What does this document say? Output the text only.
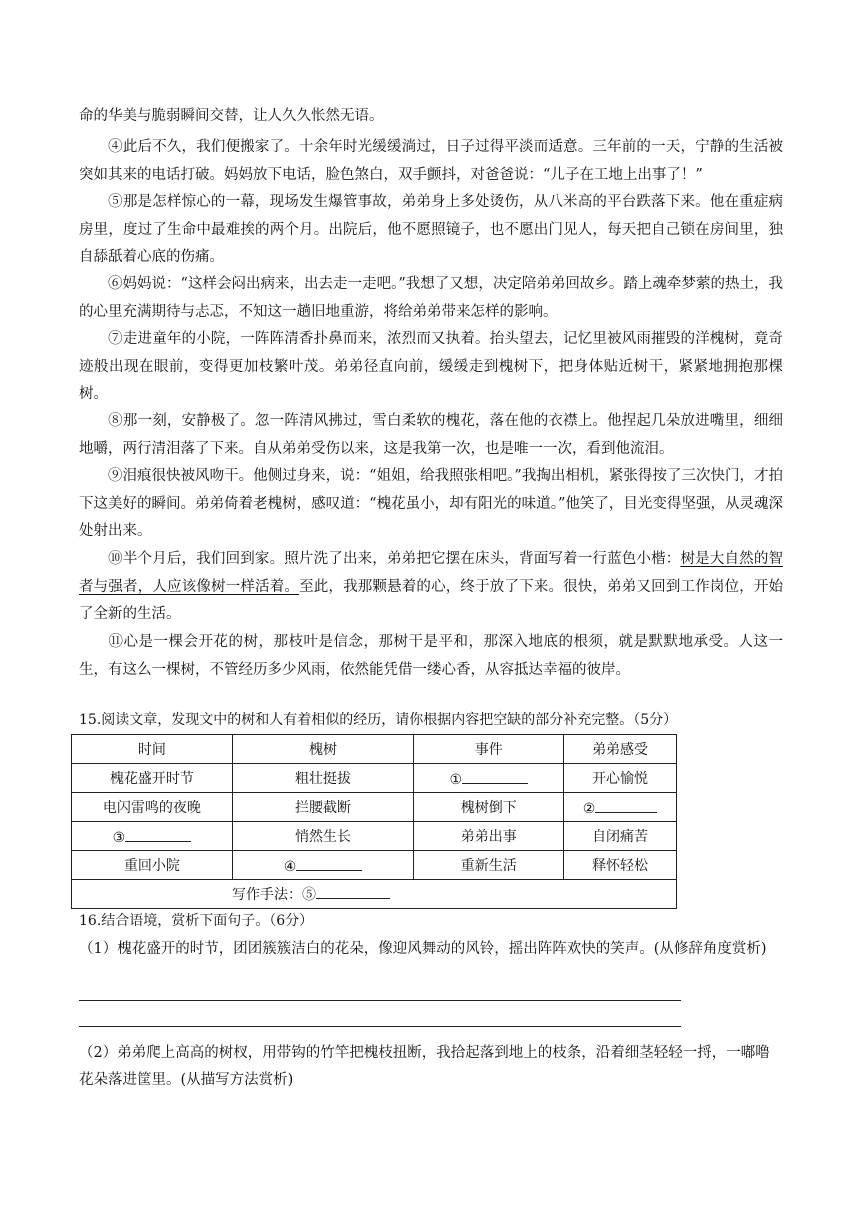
命的华美与脆弱瞬间交替，让人久久怅然无语。

④此后不久，我们便搬家了。十余年时光缓缓淌过，日子过得平淡而适意。三年前的一天，宁静的生活被突如其来的电话打破。妈妈放下电话，脸色煞白，双手颤抖，对爸爸说：“儿子在工地上出事了！”

⑤那是怎样惊心的一幕，现场发生爆管事故，弟弟身上多处烫伤，从八米高的平台跌落下来。他在重症病房里，度过了生命中最难挨的两个月。出院后，他不愿照镜子，也不愿出门见人，每天把自己锁在房间里，独自舔舐着心底的伤痛。

⑥妈妈说：“这样会闷出病来，出去走一走吧。”我想了又想，决定陪弟弟回故乡。踏上魂牵梦萦的热土，我的心里充满期待与忐忑，不知这一趟旧地重游，将给弟弟带来怎样的影响。

⑦走进童年的小院，一阵阵清香扑鼻而来，浓烈而又执着。抬头望去，记忆里被风雨摧毁的洋槐树，竟奇迹般出现在眼前，变得更加枝繁叶茂。弟弟径直向前，缓缓走到槐树下，把身体贴近树干，紧紧地拥抱那棵树。

⑧那一刻，安静极了。忽一阵清风拂过，雪白柔软的槐花，落在他的衣襟上。他捏起几朵放进嘴里，细细地嚼，两行清泪落了下来。自从弟弟受伤以来，这是我第一次，也是唯一一次，看到他流泪。

⑨泪痕很快被风吻干。他侧过身来，说：“姐姐，给我照张相吧。”我掏出相机，紧张得按了三次快门，才拍下这美好的瞬间。弟弟倚着老槐树，感叹道：“槐花虽小，却有阳光的味道。”他笑了，目光变得坚强，从灵魂深处射出来。

⑩半个月后，我们回到家。照片洗了出来，弟弟把它摆在床头，背面写着一行蓝色小楷：树是大自然的智者与强者，人应该像树一样活着。至此，我那颗悬着的心，终于放了下来。很快，弟弟又回到工作岗位，开始了全新的生活。

⑪心是一棵会开花的树，那枝叶是信念，那树干是平和，那深入地底的根须，就是默默地承受。人这一生，有这么一棵树，不管经历多少风雨，依然能凭借一缕心香，从容抵达幸福的彼岸。

15.阅读文章，发现文中的树和人有着相似的经历，请你根据内容把空缺的部分补充完整。（5分）

时间	槐树	事件	弟弟感受
槐花盛开时节	粗壮挺拔	①	开心愉悦
电闪雷鸣的夜晚	拦腰截断	槐树倒下	②
③	悄然生长	弟弟出事	自闭痛苦
重回小院	④	重新生活	释怀轻松
写作手法：⑤			

16.结合语境，赏析下面句子。（6分）

（1）槐花盛开的时节，团团簇簇洁白的花朵，像迎风舞动的风铃，摇出阵阵欢快的笑声。(从修辞角度赏析)

（2）弟弟爬上高高的树杈，用带钩的竹竿把槐枝扭断，我拾起落到地上的枝条，沿着细茎轻轻一捋，一嘟噜花朵落进筐里。(从描写方法赏析)
